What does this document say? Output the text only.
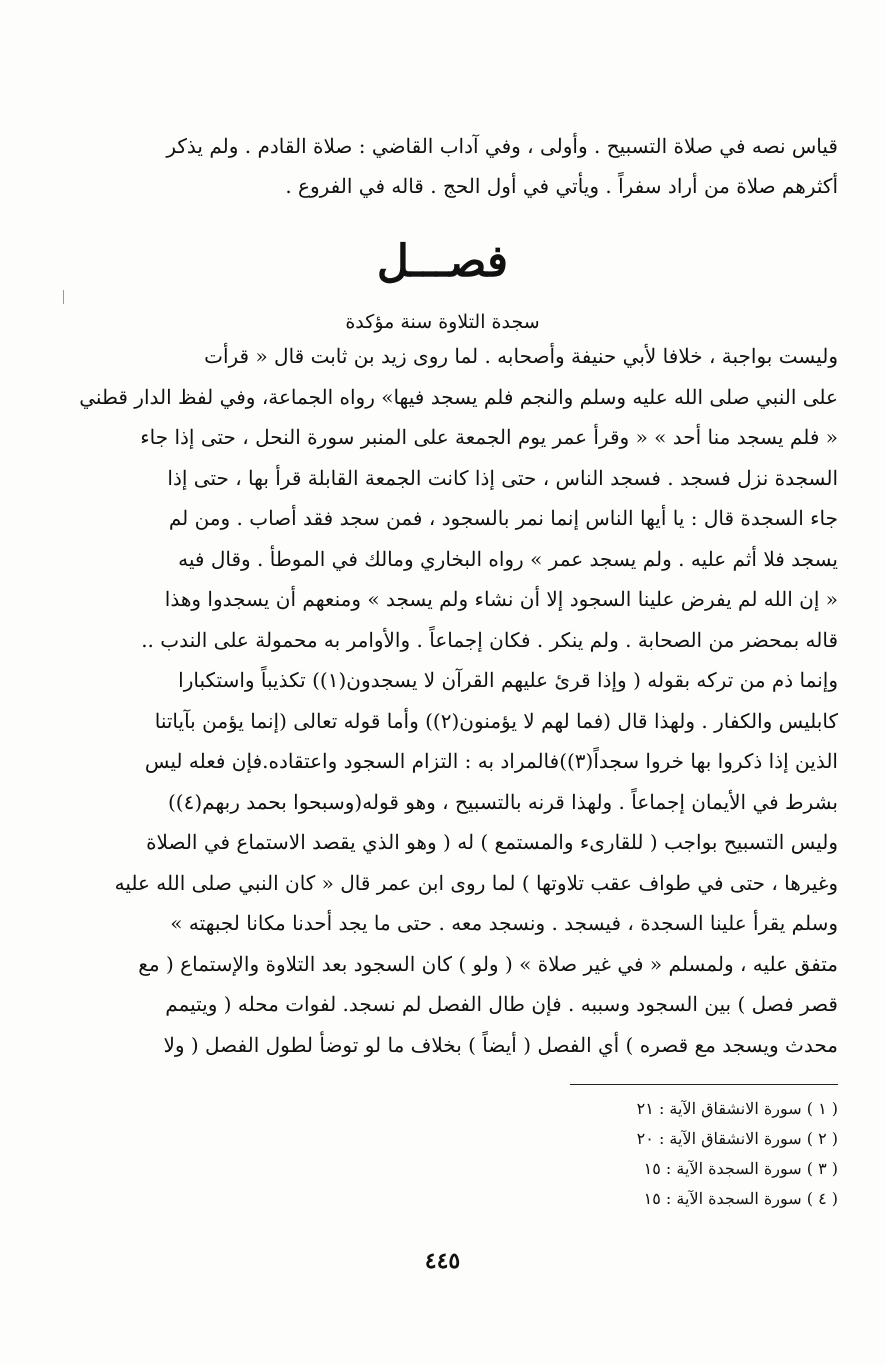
قياس نصه في صلاة التسبيح . وأولى ، وفي آداب القاضي : صلاة القادم . ولم يذكر
أكثرهم صلاة من أراد سفراً . ويأتي في أول الحج . قاله في الفروع .
فصـــل
سجدة التلاوة سنة مؤكدة
وليست بواجبة ، خلافا لأبي حنيفة وأصحابه . لما روى زيد بن ثابت قال « قرأت
على النبي صلى الله عليه وسلم والنجم فلم يسجد فيها» رواه الجماعة، وفي لفظ الدار قطني
« فلم يسجد منا أحد » « وقرأ عمر يوم الجمعة على المنبر سورة النحل ، حتى إذا جاء
السجدة نزل فسجد . فسجد الناس ، حتى إذا كانت الجمعة القابلة قرأ بها ، حتى إذا
جاء السجدة قال : يا أيها الناس إنما نمر بالسجود ، فمن سجد فقد أصاب . ومن لم
يسجد فلا أثم عليه . ولم يسجد عمر » رواه البخاري ومالك في الموطأ . وقال فيه
« إن الله لم يفرض علينا السجود إلا أن نشاء ولم يسجد » ومنعهم أن يسجدوا وهذا
قاله بمحضر من الصحابة . ولم ينكر . فكان إجماعاً . والأوامر به محمولة على الندب ..
وإنما ذم من تركه بقوله ( وإذا قرئ عليهم القرآن لا يسجدون(١)) تكذيباً واستكبارا
كابليس والكفار . ولهذا قال (فما لهم لا يؤمنون(٢)) وأما قوله تعالى (إنما يؤمن بآياتنا
الذين إذا ذكروا بها خروا سجداً(٣))فالمراد به : التزام السجود واعتقاده.فإن فعله ليس
بشرط في الأيمان إجماعاً . ولهذا قرنه بالتسبيح ، وهو قوله(وسبحوا بحمد ربهم(٤))
وليس التسبيح بواجب ( للقارىء والمستمع ) له ( وهو الذي يقصد الاستماع في الصلاة
وغيرها ، حتى في طواف عقب تلاوتها ) لما روى ابن عمر قال « كان النبي صلى الله عليه
وسلم يقرأ علينا السجدة ، فيسجد . ونسجد معه . حتى ما يجد أحدنا مكانا لجبهته »
متفق عليه ، ولمسلم « في غير صلاة » ( ولو ) كان السجود بعد التلاوة والإستماع ( مع
قصر فصل ) بين السجود وسببه . فإن طال الفصل لم نسجد. لفوات محله ( ويتيمم
محدث ويسجد مع قصره ) أي الفصل ( أيضاً ) بخلاف ما لو توضأ لطول الفصل ( ولا
( ١ ) سورة الانشقاق الآية : ٢١
( ٢ ) سورة الانشقاق الآية : ٢٠
( ٣ ) سورة السجدة الآية : ١٥
( ٤ ) سورة السجدة الآية : ١٥
٤٤٥
